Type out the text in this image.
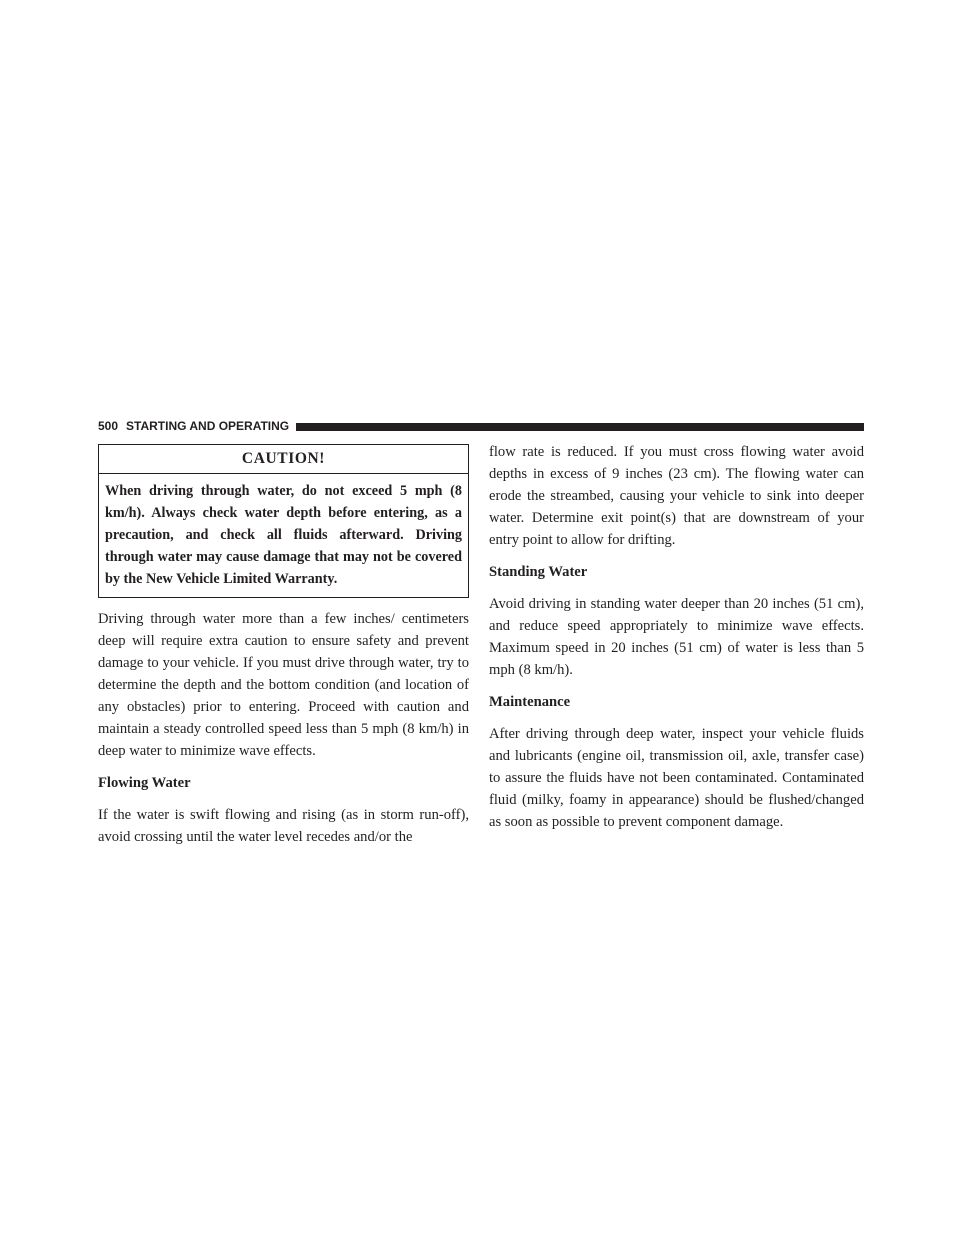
500 STARTING AND OPERATING
CAUTION!

When driving through water, do not exceed 5 mph (8 km/h). Always check water depth before entering, as a precaution, and check all fluids afterward. Driving through water may cause damage that may not be covered by the New Vehicle Limited Warranty.

Driving through water more than a few inches/ centimeters deep will require extra caution to ensure safety and prevent damage to your vehicle. If you must drive through water, try to determine the depth and the bottom condition (and location of any obstacles) prior to entering. Proceed with caution and maintain a steady controlled speed less than 5 mph (8 km/h) in deep water to minimize wave effects.

Flowing Water

If the water is swift flowing and rising (as in storm run-off), avoid crossing until the water level recedes and/or the

flow rate is reduced. If you must cross flowing water avoid depths in excess of 9 inches (23 cm). The flowing water can erode the streambed, causing your vehicle to sink into deeper water. Determine exit point(s) that are downstream of your entry point to allow for drifting.

Standing Water

Avoid driving in standing water deeper than 20 inches (51 cm), and reduce speed appropriately to minimize wave effects. Maximum speed in 20 inches (51 cm) of water is less than 5 mph (8 km/h).

Maintenance

After driving through deep water, inspect your vehicle fluids and lubricants (engine oil, transmission oil, axle, transfer case) to assure the fluids have not been contaminated. Contaminated fluid (milky, foamy in appearance) should be flushed/changed as soon as possible to prevent component damage.
